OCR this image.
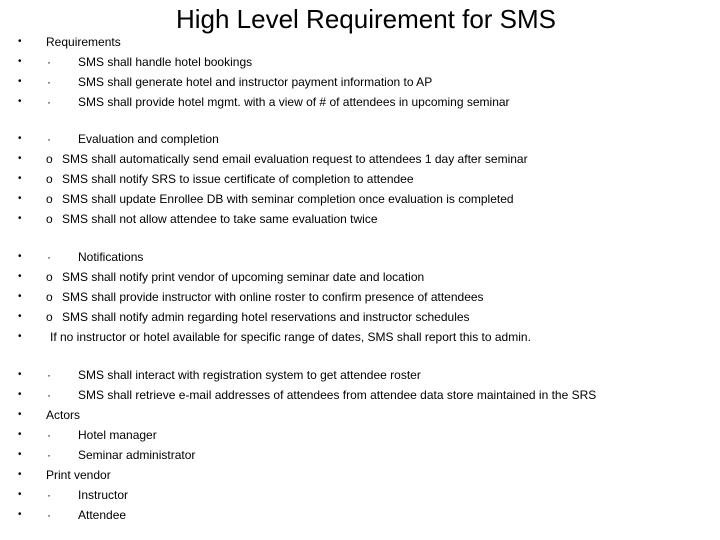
High Level Requirement for SMS
•	Requirements
•	· SMS shall handle hotel bookings
•	· SMS shall generate hotel and instructor payment information to AP
•	· SMS shall provide hotel mgmt. with a view of # of attendees in upcoming seminar
•	· Evaluation and completion
•	o SMS shall automatically send email evaluation request to attendees 1 day after seminar
•	o SMS shall notify SRS to issue certificate of completion to attendee
•	o SMS shall update Enrollee DB with seminar completion once evaluation is completed
•	o SMS shall not allow attendee to take same evaluation twice
•	· Notifications
•	o SMS shall notify print vendor of upcoming seminar date and location
•	o SMS shall provide instructor with online roster to confirm presence of attendees
•	o SMS shall notify admin regarding hotel reservations and instructor schedules
•	If no instructor or hotel available for specific range of dates, SMS shall report this to admin.
•	· SMS shall interact with registration system to get attendee roster
•	· SMS shall retrieve e-mail addresses of attendees from attendee data store maintained in the SRS
•	Actors
•	· Hotel manager
•	· Seminar administrator
•	Print vendor
•	· Instructor
•	· Attendee
